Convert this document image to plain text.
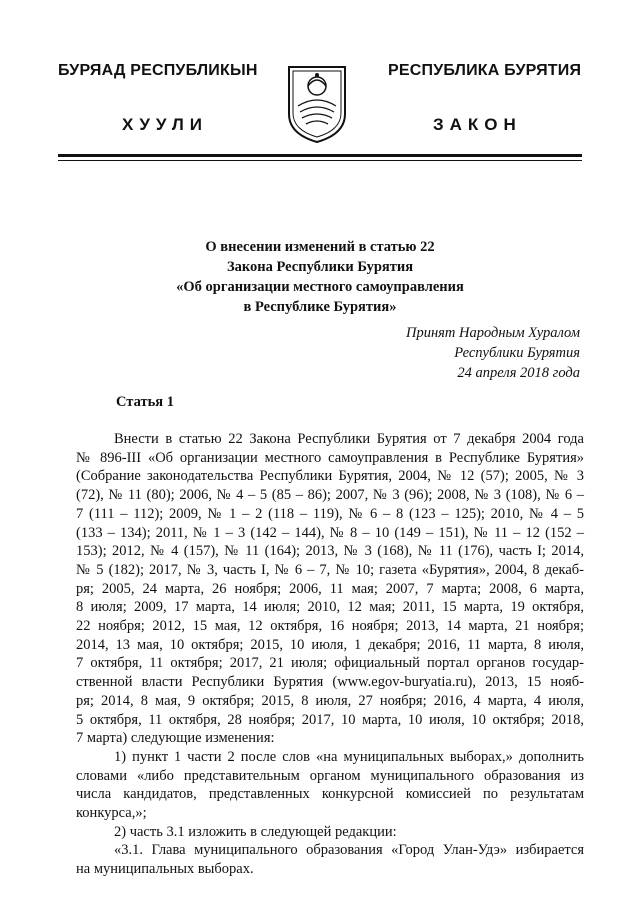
БУРЯАД РЕСПУБЛИКЫН
ХУУЛИ
РЕСПУБЛИКА БУРЯТИЯ
ЗАКОН
О внесении изменений в статью 22
Закона Республики Бурятия
«Об организации местного самоуправления
в Республике Бурятия»
Принят Народным Хуралом
Республики Бурятия
24 апреля 2018 года
Статья 1
Внести в статью 22 Закона Республики Бурятия от 7 декабря 2004 года
№ 896-III «Об организации местного самоуправления в Республике Бурятия»
(Собрание законодательства Республики Бурятия, 2004, № 12 (57); 2005, № 3
(72), № 11 (80); 2006, № 4 – 5 (85 – 86); 2007, № 3 (96); 2008, № 3 (108), № 6 –
7 (111 – 112); 2009, № 1 – 2 (118 – 119), № 6 – 8 (123 – 125); 2010, № 4 – 5
(133 – 134); 2011, № 1 – 3 (142 – 144), № 8 – 10 (149 – 151), № 11 – 12 (152 –
153); 2012, № 4 (157), № 11 (164); 2013, № 3 (168), № 11 (176), часть I; 2014,
№ 5 (182); 2017, № 3, часть I, № 6 – 7, № 10; газета «Бурятия», 2004, 8 декаб-
ря; 2005, 24 марта, 26 ноября; 2006, 11 мая; 2007, 7 марта; 2008, 6 марта,
8 июля; 2009, 17 марта, 14 июля; 2010, 12 мая; 2011, 15 марта, 19 октября,
22 ноября; 2012, 15 мая, 12 октября, 16 ноября; 2013, 14 марта, 21 ноября;
2014, 13 мая, 10 октября; 2015, 10 июля, 1 декабря; 2016, 11 марта, 8 июля,
7 октября, 11 октября; 2017, 21 июля; официальный портал органов государ-
ственной власти Республики Бурятия (www.egov-buryatia.ru), 2013, 15 нояб-
ря; 2014, 8 мая, 9 октября; 2015, 8 июля, 27 ноября; 2016, 4 марта, 4 июля,
5 октября, 11 октября, 28 ноября; 2017, 10 марта, 10 июля, 10 октября; 2018,
7 марта) следующие изменения:
1) пункт 1 части 2 после слов «на муниципальных выборах,» дополнить
словами «либо представительным органом муниципального образования из
числа кандидатов, представленных конкурсной комиссией по результатам
конкурса,»;
2) часть 3.1 изложить в следующей редакции:
«3.1. Глава муниципального образования «Город Улан-Удэ» избирается
на муниципальных выборах.
